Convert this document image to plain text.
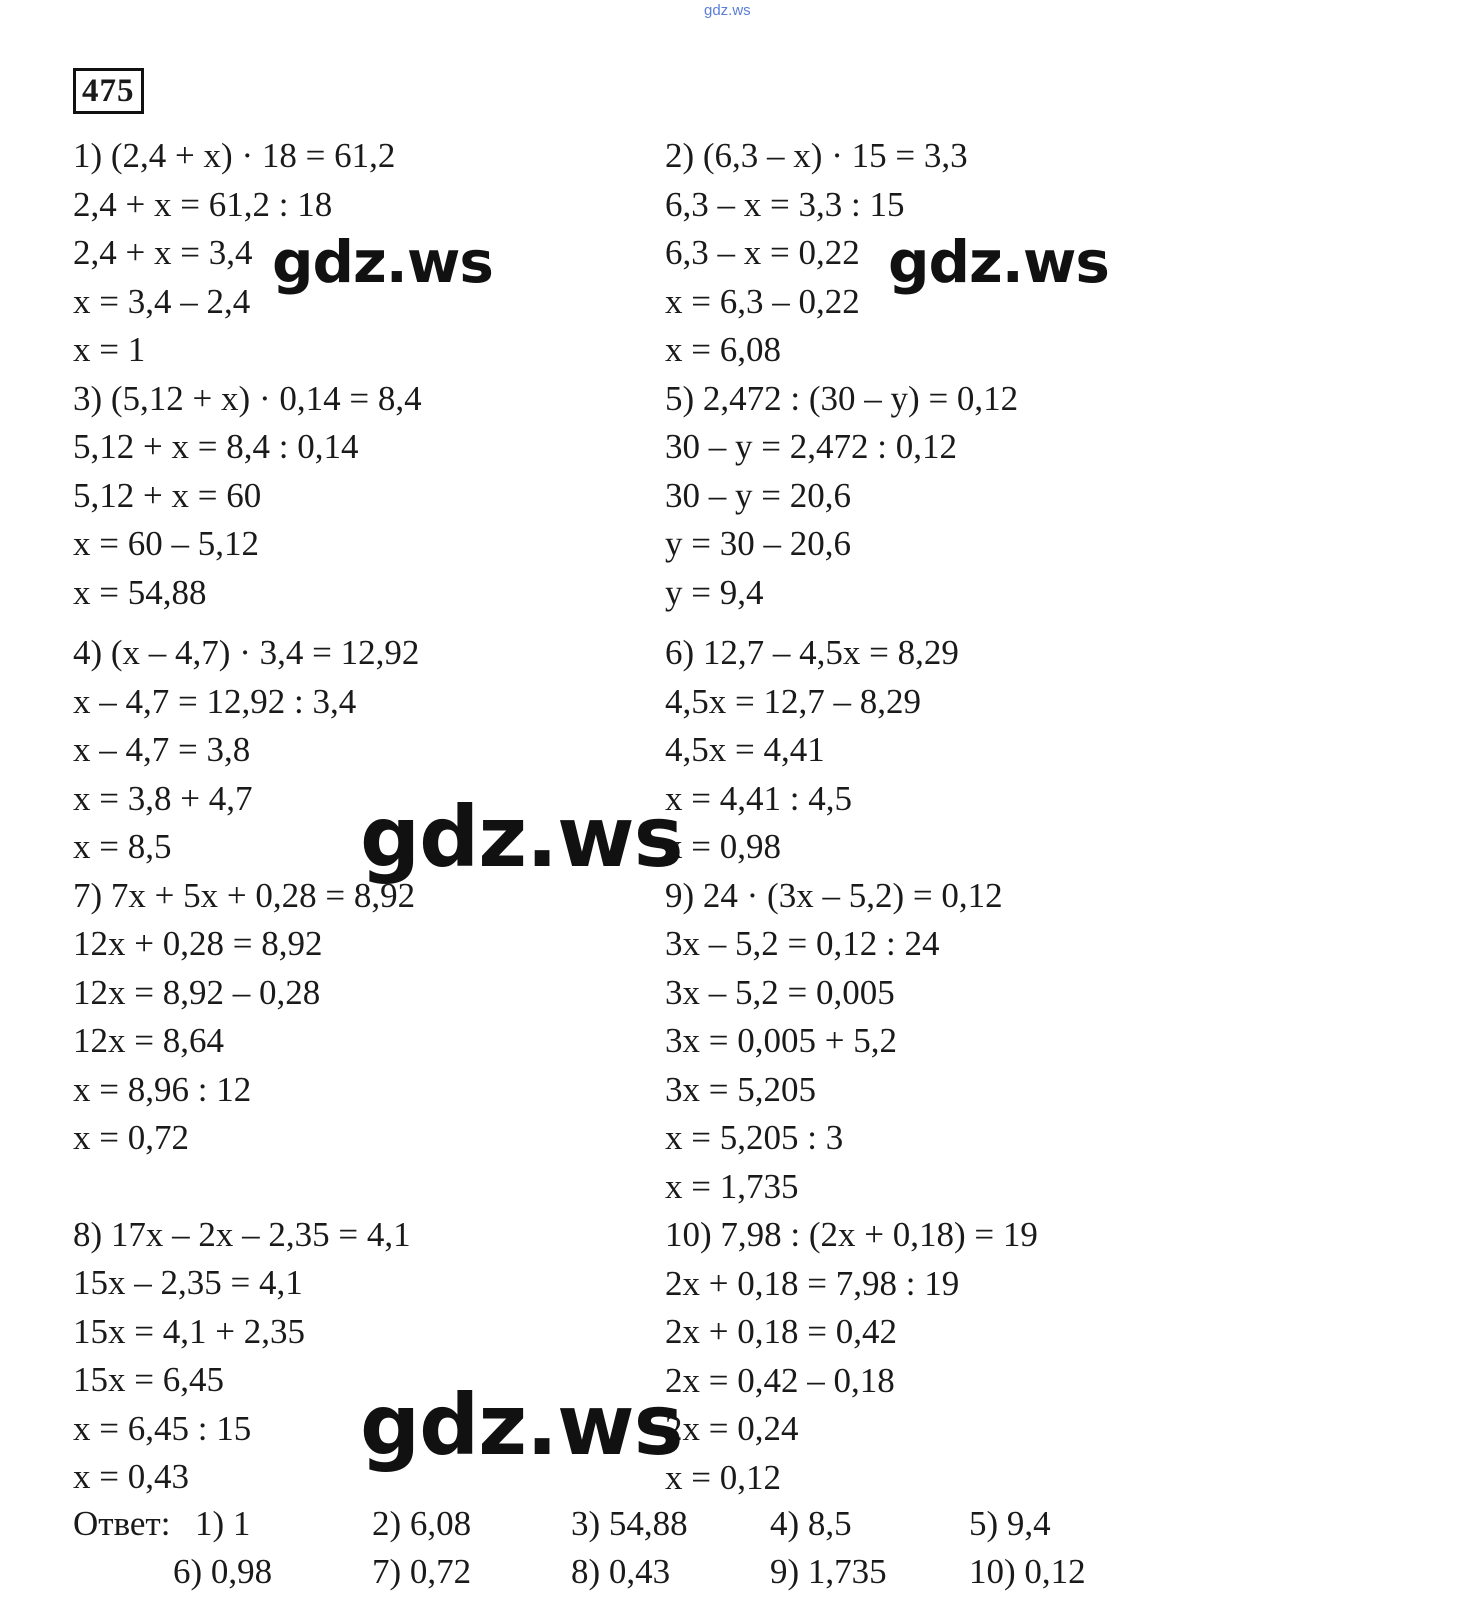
gdz.ws
475
1) (2,4 + x) · 18 = 61,2
2,4 + x = 61,2 : 18
2,4 + x = 3,4
x = 3,4 – 2,4
x = 1
3) (5,12 + x) · 0,14 = 8,4
5,12 + x = 8,4 : 0,14
5,12 + x = 60
x = 60 – 5,12
x = 54,88
4) (x – 4,7) · 3,4 = 12,92
x – 4,7 = 12,92 : 3,4
x – 4,7 = 3,8
x = 3,8 + 4,7
x = 8,5
7) 7x + 5x + 0,28 = 8,92
12x + 0,28 = 8,92
12x = 8,92 – 0,28
12x = 8,64
x = 8,96 : 12
x = 0,72
8) 17x – 2x – 2,35 = 4,1
15x – 2,35 = 4,1
15x = 4,1 + 2,35
15x = 6,45
x = 6,45 : 15
x = 0,43
2) (6,3 – x) · 15 = 3,3
6,3 – x = 3,3 : 15
6,3 – x = 0,22
x = 6,3 – 0,22
x = 6,08
5) 2,472 : (30 – y) = 0,12
30 – y = 2,472 : 0,12
30 – y = 20,6
y = 30 – 20,6
y = 9,4
6) 12,7 – 4,5x = 8,29
4,5x = 12,7 – 8,29
4,5x = 4,41
x = 4,41 : 4,5
x = 0,98
9) 24 · (3x – 5,2) = 0,12
3x – 5,2 = 0,12 : 24
3x – 5,2 = 0,005
3x = 0,005 + 5,2
3x = 5,205
x = 5,205 : 3
x = 1,735
10) 7,98 : (2x + 0,18) = 19
2x + 0,18 = 7,98 : 19
2x + 0,18 = 0,42
2x = 0,42 – 0,18
2x = 0,24
x = 0,12
Ответ: 1) 1	2) 6,08	3) 54,88 4) 8,5	5) 9,4
6) 0,98	7) 0,72	8) 0,43	9) 1,735 10) 0,12
gdz.ws	gdz.ws
gdz.ws
gdz.ws
